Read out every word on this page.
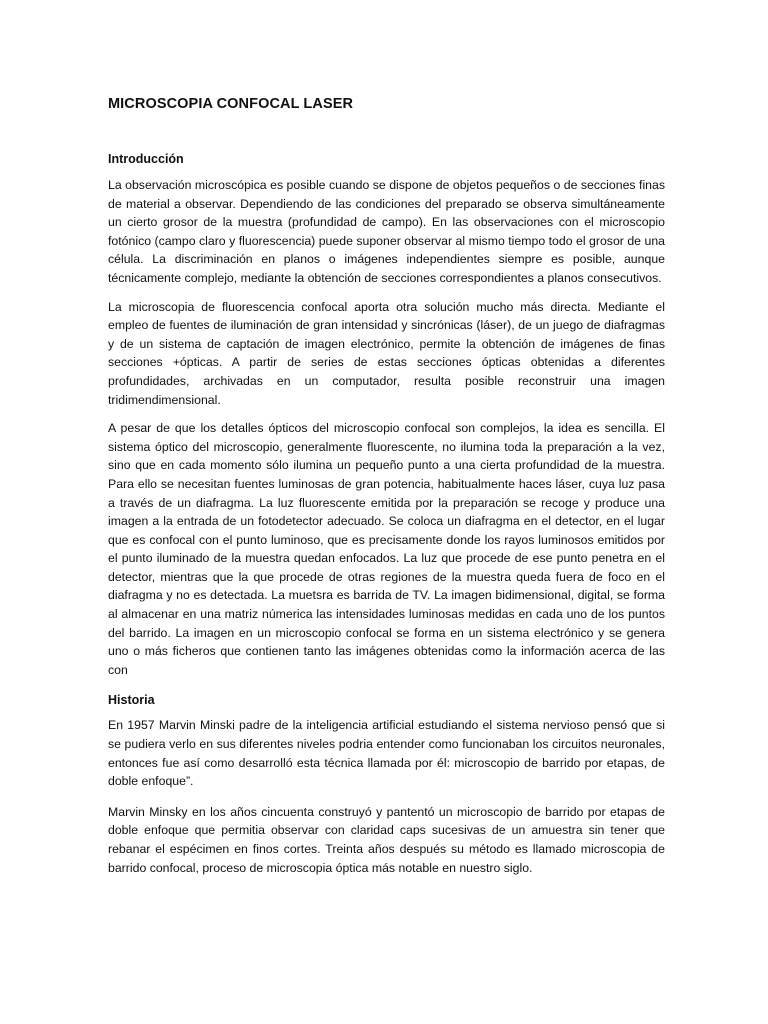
MICROSCOPIA CONFOCAL LASER
Introducción

La observación microscópica es posible cuando se dispone de objetos pequeños o de secciones finas de material a observar. Dependiendo de las condiciones del preparado se observa simultáneamente un cierto grosor de la muestra (profundidad de campo). En las observaciones con el microscopio fotónico (campo claro y fluorescencia) puede suponer observar al mismo tiempo todo el grosor de una célula. La discriminación en planos o imágenes independientes siempre es posible, aunque técnicamente complejo, mediante la obtención de secciones correspondientes a planos consecutivos.

La microscopia de fluorescencia confocal aporta otra solución mucho más directa. Mediante el empleo de fuentes de iluminación de gran intensidad y sincrónicas (láser), de un juego de diafragmas y de un sistema de captación de imagen electrónico, permite la obtención de imágenes de finas secciones +ópticas. A partir de series de estas secciones ópticas obtenidas a diferentes profundidades, archivadas en un computador, resulta posible reconstruir una imagen tridimendimensional.

A pesar de que los detalles ópticos del microscopio confocal son complejos, la idea es sencilla. El sistema óptico del microscopio, generalmente fluorescente, no ilumina toda la preparación a la vez, sino que en cada momento sólo ilumina un pequeño punto a una cierta profundidad de la muestra. Para ello se necesitan fuentes luminosas de gran potencia, habitualmente haces láser, cuya luz pasa a través de un diafragma. La luz fluorescente emitida por la preparación se recoge y produce una imagen a la entrada de un fotodetector adecuado. Se coloca un diafragma en el detector, en el lugar que es confocal con el punto luminoso, que es precisamente donde los rayos luminosos emitidos por el punto iluminado de la muestra quedan enfocados. La luz que procede de ese punto penetra en el detector, mientras que la que procede de otras regiones de la muestra queda fuera de foco en el diafragma y no es detectada. La muetsra es barrida de TV. La imagen bidimensional, digital, se forma al almacenar en una matriz númerica las intensidades luminosas medidas en cada uno de los puntos del barrido. La imagen en un microscopio confocal se forma en un sistema electrónico y se genera uno o más ficheros que contienen tanto las imágenes obtenidas como la información acerca de las con

Historia

En 1957 Marvin Minski padre de la inteligencia artificial estudiando el sistema nervioso pensó que si se pudiera verlo en sus diferentes niveles podria entender como funcionaban los circuitos neuronales, entonces fue así como desarrolló esta técnica llamada por él: microscopio de barrido por etapas, de doble enfoque”.

Marvin Minsky en los años cincuenta construyó y pantentó un microscopio de barrido por etapas de doble enfoque que permitia observar con claridad caps sucesivas de un amuestra sin tener que rebanar el espécimen en finos cortes. Treinta años después su método es llamado microscopia de barrido confocal, proceso de microscopia óptica más notable en nuestro siglo.
